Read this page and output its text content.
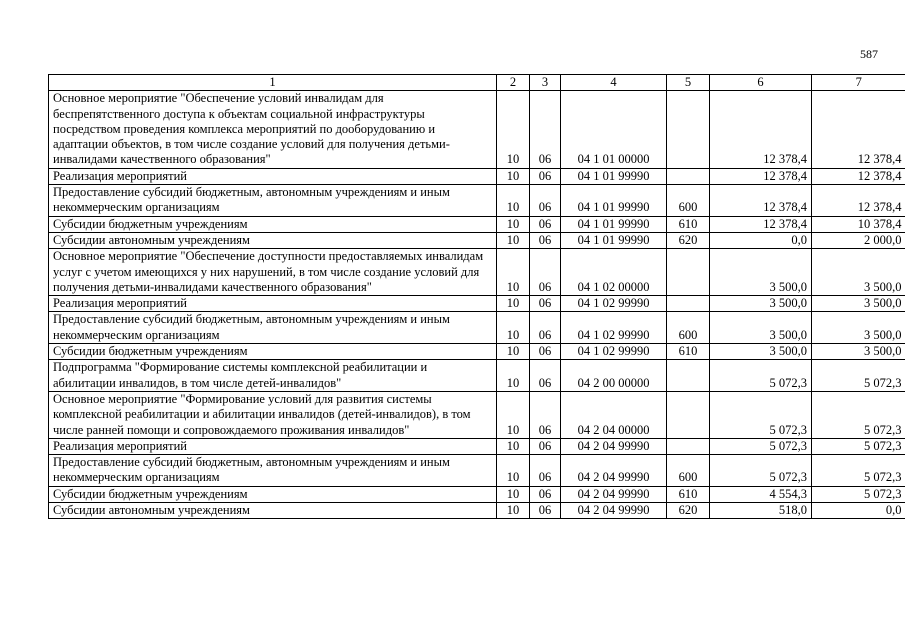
587
1	2	3	4	5	6	7
Основное мероприятие "Обеспечение условий инвалидам для беспрепятственного доступа к объектам социальной инфраструктуры посредством проведения комплекса мероприятий по дооборудованию и адаптации объектов, в том числе создание условий для получения детьми-инвалидами качественного образования"	10	06	04 1 01 00000		12 378,4	12 378,4
Реализация мероприятий	10	06	04 1 01 99990		12 378,4	12 378,4
Предоставление субсидий бюджетным, автономным учреждениям и иным некоммерческим организациям	10	06	04 1 01 99990	600	12 378,4	12 378,4
Субсидии бюджетным учреждениям	10	06	04 1 01 99990	610	12 378,4	10 378,4
Субсидии автономным учреждениям	10	06	04 1 01 99990	620	0,0	2 000,0
Основное мероприятие "Обеспечение доступности предоставляемых инвалидам услуг с учетом имеющихся у них нарушений, в том числе создание условий для получения детьми-инвалидами качественного образования"	10	06	04 1 02 00000		3 500,0	3 500,0
Реализация мероприятий	10	06	04 1 02 99990		3 500,0	3 500,0
Предоставление субсидий бюджетным, автономным учреждениям и иным некоммерческим организациям	10	06	04 1 02 99990	600	3 500,0	3 500,0
Субсидии бюджетным учреждениям	10	06	04 1 02 99990	610	3 500,0	3 500,0
Подпрограмма "Формирование системы комплексной реабилитации и абилитации инвалидов, в том числе детей-инвалидов"	10	06	04 2 00 00000		5 072,3	5 072,3
Основное мероприятие "Формирование условий для развития системы комплексной реабилитации и абилитации инвалидов (детей-инвалидов), в том числе ранней помощи и сопровождаемого проживания инвалидов"	10	06	04 2 04 00000		5 072,3	5 072,3
Реализация мероприятий	10	06	04 2 04 99990		5 072,3	5 072,3
Предоставление субсидий бюджетным, автономным учреждениям и иным некоммерческим организациям	10	06	04 2 04 99990	600	5 072,3	5 072,3
Субсидии бюджетным учреждениям	10	06	04 2 04 99990	610	4 554,3	5 072,3
Субсидии автономным учреждениям	10	06	04 2 04 99990	620	518,0	0,0
